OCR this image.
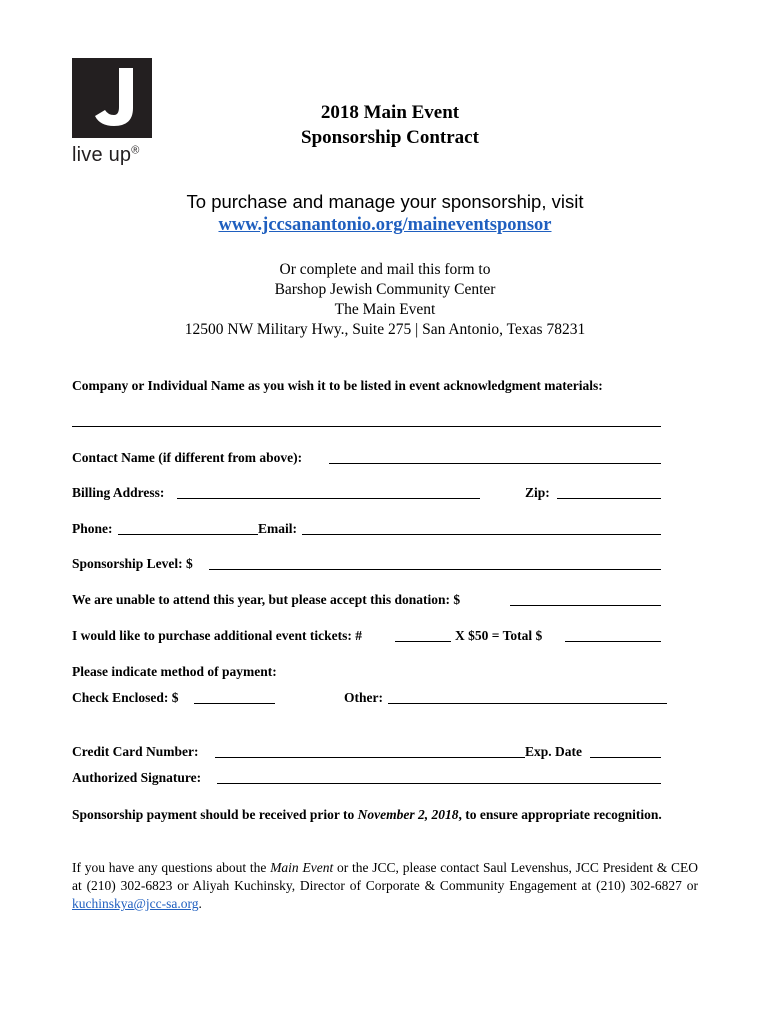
live up®
2018 Main Event
Sponsorship Contract
To purchase and manage your sponsorship, visit
www.jccsanantonio.org/maineventsponsor
Or complete and mail this form to
Barshop Jewish Community Center
The Main Event
12500 NW Military Hwy., Suite 275 | San Antonio, Texas 78231
Company or Individual Name as you wish it to be listed in event acknowledgment materials:
Contact Name (if different from above):
Billing Address:	Zip:
Phone:	Email:
Sponsorship Level: $
We are unable to attend this year, but please accept this donation: $
I would like to purchase additional event tickets: #	X $50 = Total $
Please indicate method of payment:
Check Enclosed: $	Other:
Credit Card Number:	Exp. Date
Authorized Signature:
Sponsorship payment should be received prior to November 2, 2018, to ensure appropriate recognition.
If you have any questions about the Main Event or the JCC, please contact Saul Levenshus, JCC President & CEO at (210) 302-6823 or Aliyah Kuchinsky, Director of Corporate & Community Engagement at (210) 302-6827 or kuchinskya@jcc-sa.org.
